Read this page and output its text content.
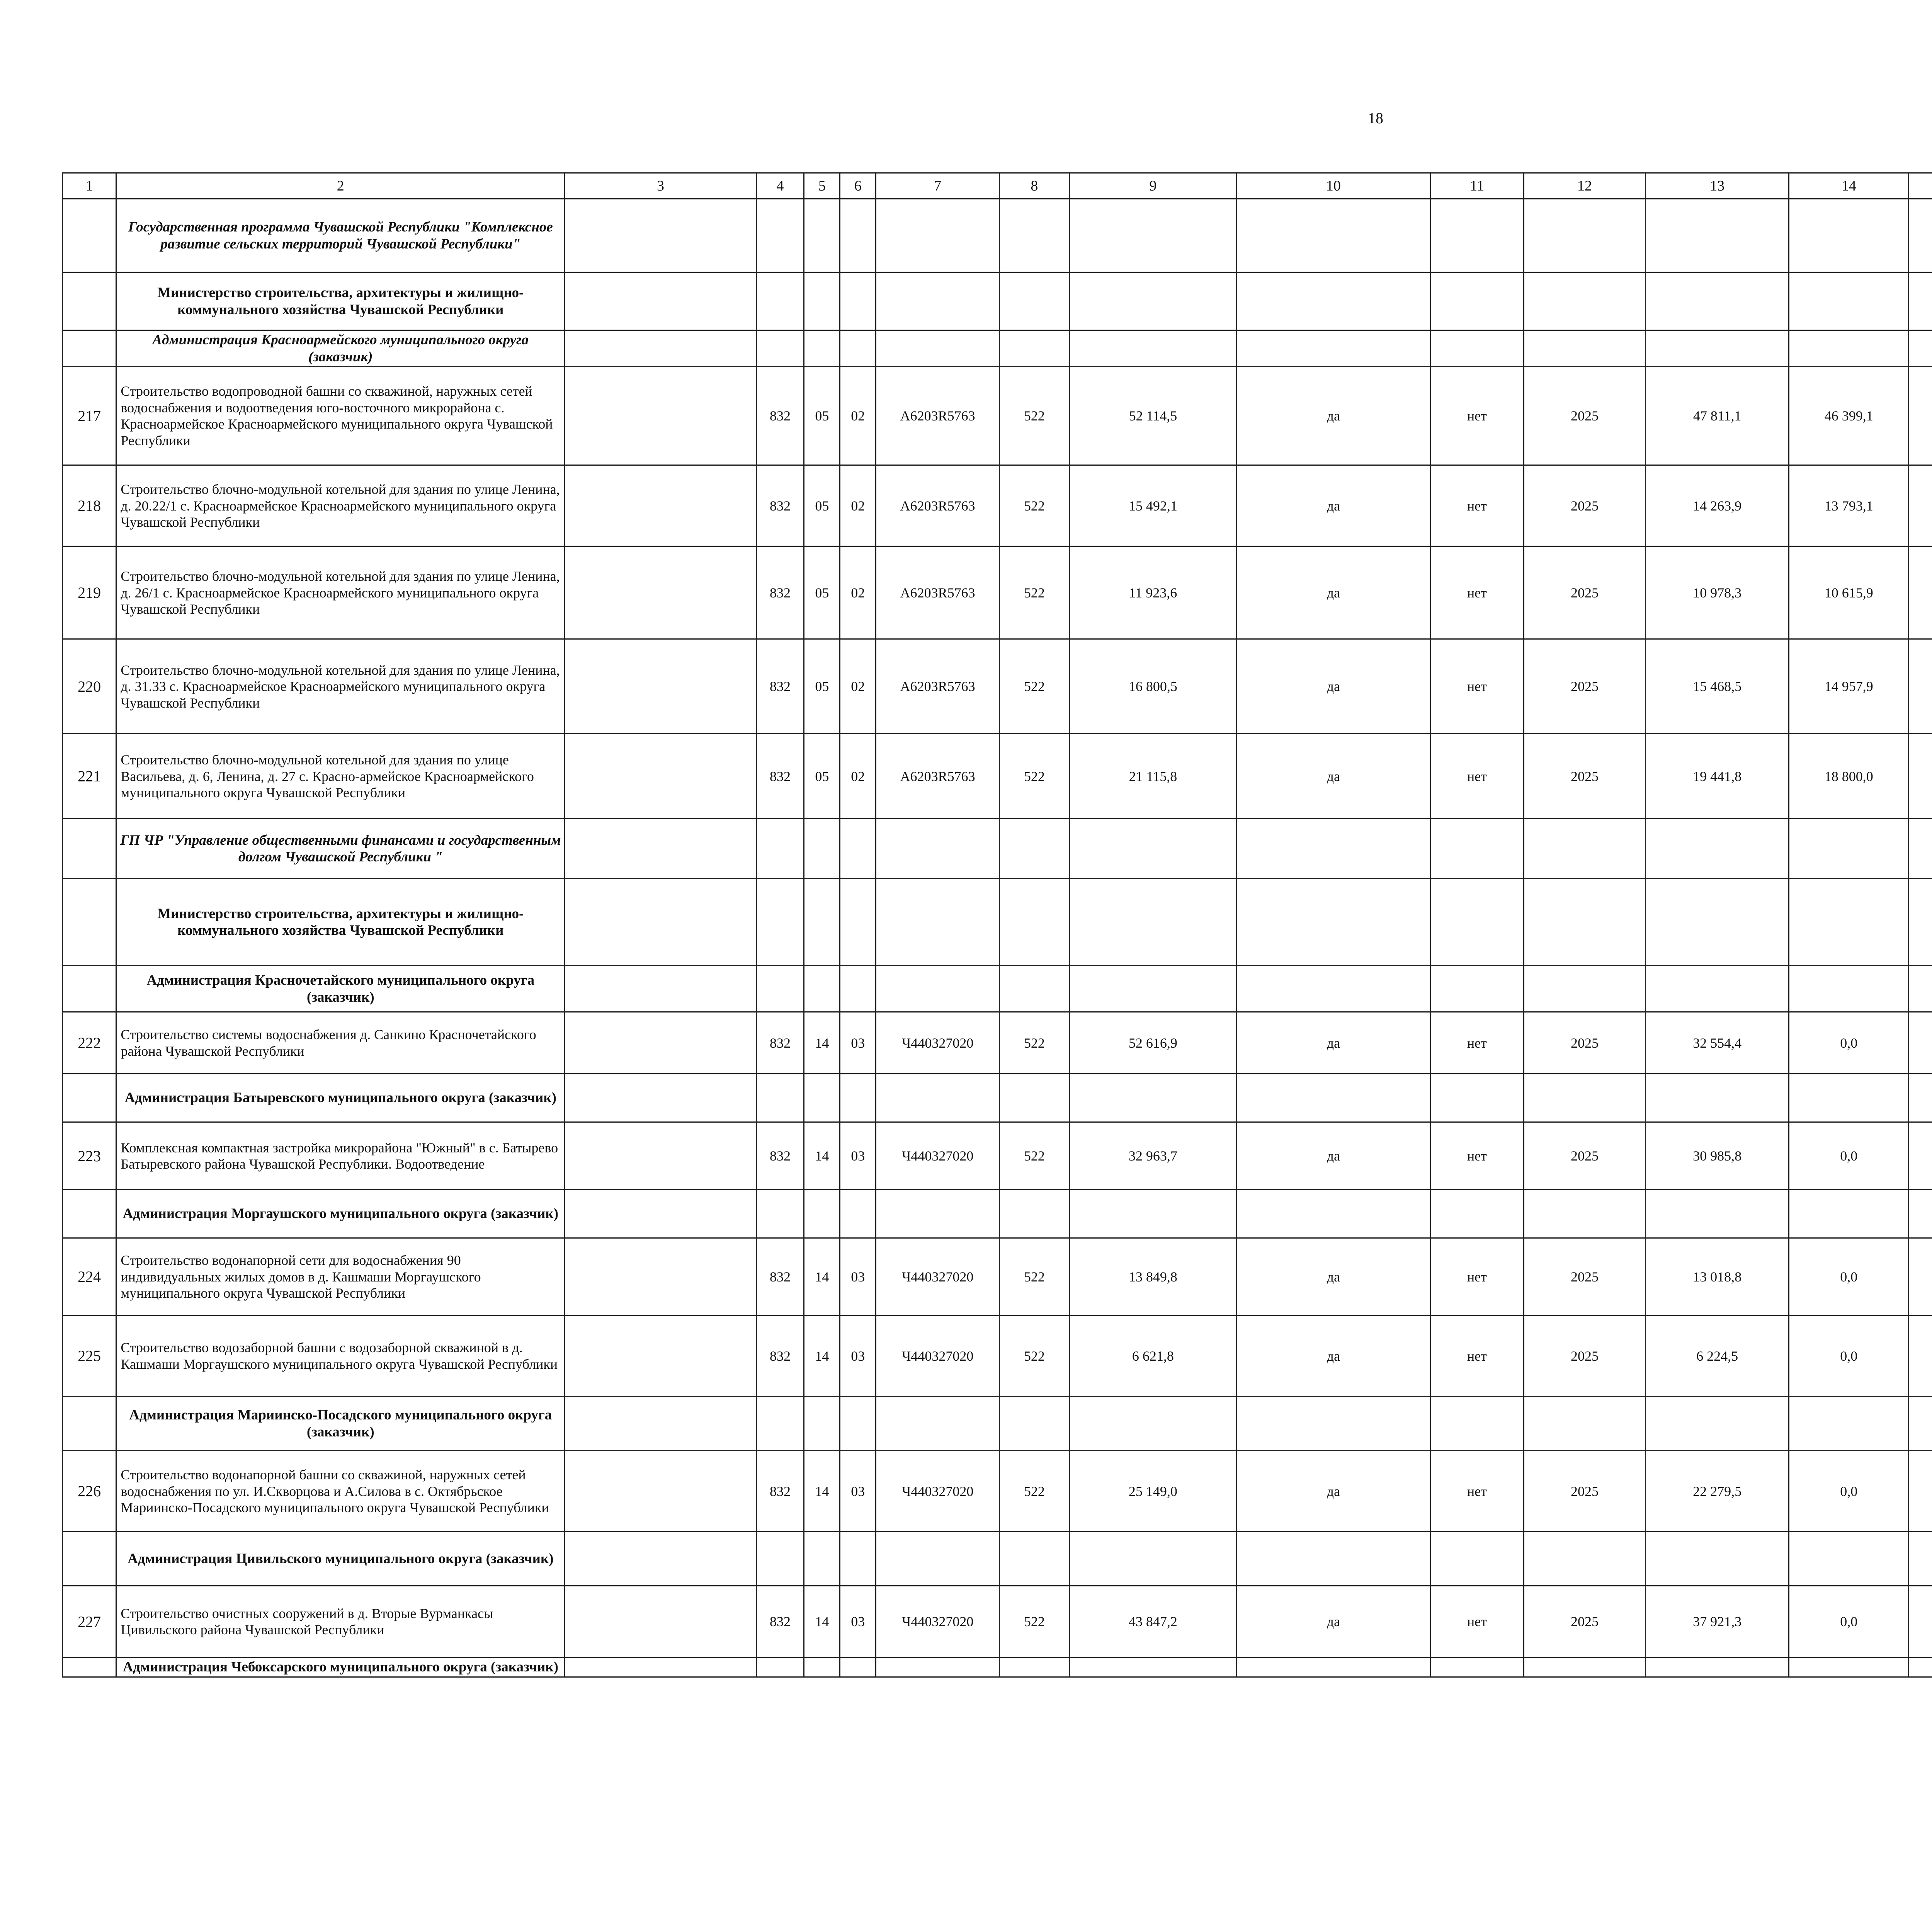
18
1	2	3	4	5	6	7	8	9	10	11	12	13	14							
	Государственная программа Чувашской Республики "Комплексное развитие сельских территорий Чувашской Республики"																			
	Министерство строительства, архитектуры и жилищно-коммунального хозяйства Чувашской Республики																			
	Администрация Красноармейского муниципального округа (заказчик)																			
217	Строительство водопроводной башни со скважиной, наружных сетей водоснабжения и водоотведения юго-восточного микрорайона с. Красноармейское Красноармейского муниципального округа Чувашской Республики		832	05	02	А6203R5763	522	52 114,5	да	нет	2025	47 811,1	46 399,1							
218	Строительство блочно-модульной котельной для здания по улице Ленина, д. 20.22/1 с. Красноармейское Красноармейского муниципального округа Чувашской Республики		832	05	02	А6203R5763	522	15 492,1	да	нет	2025	14 263,9	13 793,1							
219	Строительство блочно-модульной котельной для здания по улице Ленина, д. 26/1 с. Красноармейское Красноармейского муниципального округа Чувашской Республики		832	05	02	А6203R5763	522	11 923,6	да	нет	2025	10 978,3	10 615,9							
220	Строительство блочно-модульной котельной для здания по улице Ленина, д. 31.33 с. Красноармейское Красноармейского муниципального округа Чувашской Республики		832	05	02	А6203R5763	522	16 800,5	да	нет	2025	15 468,5	14 957,9							
221	Строительство блочно-модульной котельной для здания по улице Васильева, д. 6, Ленина, д. 27 с. Красно-армейское Красноармейского муниципального округа Чувашской Республики		832	05	02	А6203R5763	522	21 115,8	да	нет	2025	19 441,8	18 800,0							
	ГП ЧР "Управление общественными финансами и государственным долгом Чувашской Республики "																			
	Министерство строительства, архитектуры и жилищно-коммунального хозяйства Чувашской Республики																			
	Администрация Красночетайского муниципального округа (заказчик)																			
222	Строительство системы водоснабжения д. Санкино Красночетайского района Чувашской Республики		832	14	03	Ч440327020	522	52 616,9	да	нет	2025	32 554,4	0,0							
	Администрация Батыревского муниципального округа (заказчик)																			
223	Комплексная компактная застройка микрорайона "Южный" в с. Батырево Батыревского района Чувашской Республики. Водоотведение		832	14	03	Ч440327020	522	32 963,7	да	нет	2025	30 985,8	0,0							
	Администрация Моргаушского муниципального округа (заказчик)																			
224	Строительство водонапорной сети для водоснабжения 90 индивидуальных жилых домов в д. Кашмаши Моргаушского муниципального округа Чувашской Республики		832	14	03	Ч440327020	522	13 849,8	да	нет	2025	13 018,8	0,0							
225	Строительство водозаборной башни с водозаборной скважиной в д. Кашмаши Моргаушского муниципального округа Чувашской Республики		832	14	03	Ч440327020	522	6 621,8	да	нет	2025	6 224,5	0,0							
	Администрация Мариинско-Посадского муниципального округа (заказчик)																			
226	Строительство водонапорной башни со скважиной, наружных сетей водоснабжения по ул. И.Скворцова и А.Силова в с. Октябрьское Мариинско-Посадского муниципального округа Чувашской Республики		832	14	03	Ч440327020	522	25 149,0	да	нет	2025	22 279,5	0,0							
	Администрация Цивильского муниципального округа (заказчик)																			
227	Строительство очистных сооружений в д. Вторые Вурманкасы Цивильского района Чувашской Республики		832	14	03	Ч440327020	522	43 847,2	да	нет	2025	37 921,3	0,0							
	Администрация Чебоксарского муниципального округа (заказчик)																			
